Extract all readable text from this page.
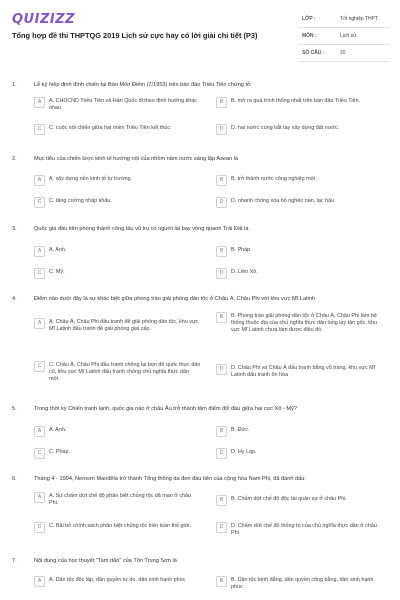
QUIZIZZ
Tổng hợp đề thi THPTQG 2019 Lịch sử cực hay có lời giải chi tiết (P3)
LỚP :	Tốt nghiệp THPT
MÔN :	Lịch sử
SỐ CÂU :	20
1.	Lễ ký hiệp định đình chiến tại Bàn Môn Điếm (7/1953) trên bán đảo Triều Tiên chứng tỏ:
A	A. CHDCND Triều Tiên và Hàn Quốc đi theo định hướng khác nhau
B	B. mở ra quá trình thống nhất trên bán đảo Triều Tiên.
C	C. cuộc nội chiến giữa hai miền Triều Tiên kết thúc.	D	D. hai nước cùng bắt tay xây dựng đất nước.
2.	Mục tiêu của chiến lược kinh tế hướng nội của nhóm năm nước sáng lập Asean là
A	A. xây dựng nền kinh tế tự trường.	B	B. trở thành nước công nghiệp mới.
C	C. tăng cường nhập khẩu.	D	D. nhanh chóng xóa bỏ nghèo nàn, lạc hậu
3.	Quốc gia đầu tiên phóng thành công tàu vũ trụ có người lái bay vòng quanh Trái Đất là
A	A. Anh.	B	B. Pháp.
C	C. Mỹ.	D	D. Liên Xô.
4.	Điểm nào dưới đây là sự khác biệt giữa phong trào giải phóng dân tộc ở Châu Á, Châu Phi với khu vực Mĩ Latinh
A	A. Châu Á, Châu Phi đấu tranh để giải phóng dân tộc, khu vực Mĩ Latinh đấu tranh để giải phóng giai cấp.
B	B. Phong trào giải phóng dân tộc ở Châu Á, Châu Phi làm hệ thống thuộc địa của chủ nghĩa thực dân lung lay tận gốc, khu vực Mĩ Latinh chưa làm được điều đó.
C	C. Châu Á, Châu Phi đấu tranh chống lại bọn đế quốc thực dân cũ, khu vực Mĩ Latinh đấu tranh chống chủ nghĩa thực dân mới.
D	D. Châu Phi và Châu Á đấu tranh bằng vũ trang, khu vực Mĩ Latinh đấu tranh ôn hòa
5.	Trong thời kỳ Chiến tranh lạnh, quốc gia nào ở châu Âu trở thành tâm điểm đối đầu giữa hai cực Xô - Mỹ?
A	A. Anh.	B	B. Đức.
C	C. Pháp.	D	D. Hy Lạp.
6.	Tháng 4 - 1994, Nenxơn Manđêla trở thành Tổng thống da đen đầu tiên của cộng hòa Nam Phi, đã đánh dấu:
A	A. Sự chấm dứt chế độ phân biệt chủng tộc dã man ở châu Phi.
B	B. Chấm dứt chế độ độc tài quân sự ở châu Phi.
C	C. Bãi bỏ chính sách phân biệt chủng tộc trên toàn thế giới.	D	D. Chấm dứt chế độ thống trị của chủ nghĩa thực dân ở châu Phi
7.	Nội dung của học thuyết "Tam dân" của Tôn Trung Sơn là
A	A. Dân tộc độc lập, dân quyền tự do, dân sinh hạnh phúc	B	B. Dân tộc bình đẳng, dân quyền công bằng, dân sinh hạnh phúc
